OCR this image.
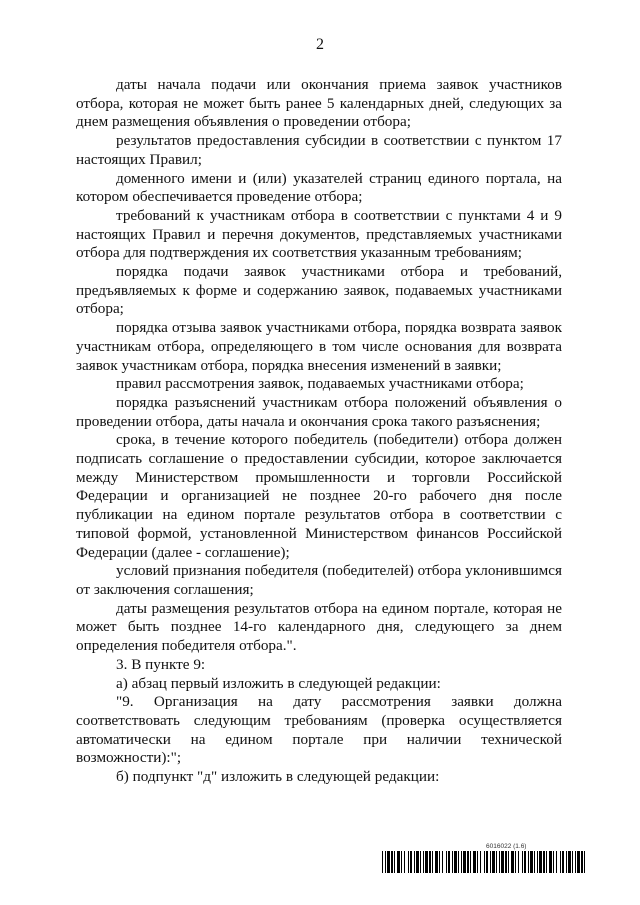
2

даты начала подачи или окончания приема заявок участников отбора, которая не может быть ранее 5 календарных дней, следующих за днем размещения объявления о проведении отбора;

результатов предоставления субсидии в соответствии с пунктом 17 настоящих Правил;

доменного имени и (или) указателей страниц единого портала, на котором обеспечивается проведение отбора;

требований к участникам отбора в соответствии с пунктами 4 и 9 настоящих Правил и перечня документов, представляемых участниками отбора для подтверждения их соответствия указанным требованиям;

порядка подачи заявок участниками отбора и требований, предъявляемых к форме и содержанию заявок, подаваемых участниками отбора;

порядка отзыва заявок участниками отбора, порядка возврата заявок участникам отбора, определяющего в том числе основания для возврата заявок участникам отбора, порядка внесения изменений в заявки;

правил рассмотрения заявок, подаваемых участниками отбора;

порядка разъяснений участникам отбора положений объявления о проведении отбора, даты начала и окончания срока такого разъяснения;

срока, в течение которого победитель (победители) отбора должен подписать соглашение о предоставлении субсидии, которое заключается между Министерством промышленности и торговли Российской Федерации и организацией не позднее 20-го рабочего дня после публикации на едином портале результатов отбора в соответствии с типовой формой, установленной Министерством финансов Российской Федерации (далее - соглашение);

условий признания победителя (победителей) отбора уклонившимся от заключения соглашения;

даты размещения результатов отбора на едином портале, которая не может быть позднее 14-го календарного дня, следующего за днем определения победителя отбора.".

3. В пункте 9:

а) абзац первый изложить в следующей редакции:

"9. Организация на дату рассмотрения заявки должна соответствовать следующим требованиям (проверка осуществляется автоматически на едином портале при наличии технической возможности):";

б) подпункт "д" изложить в следующей редакции:

6016022 (1.6)
